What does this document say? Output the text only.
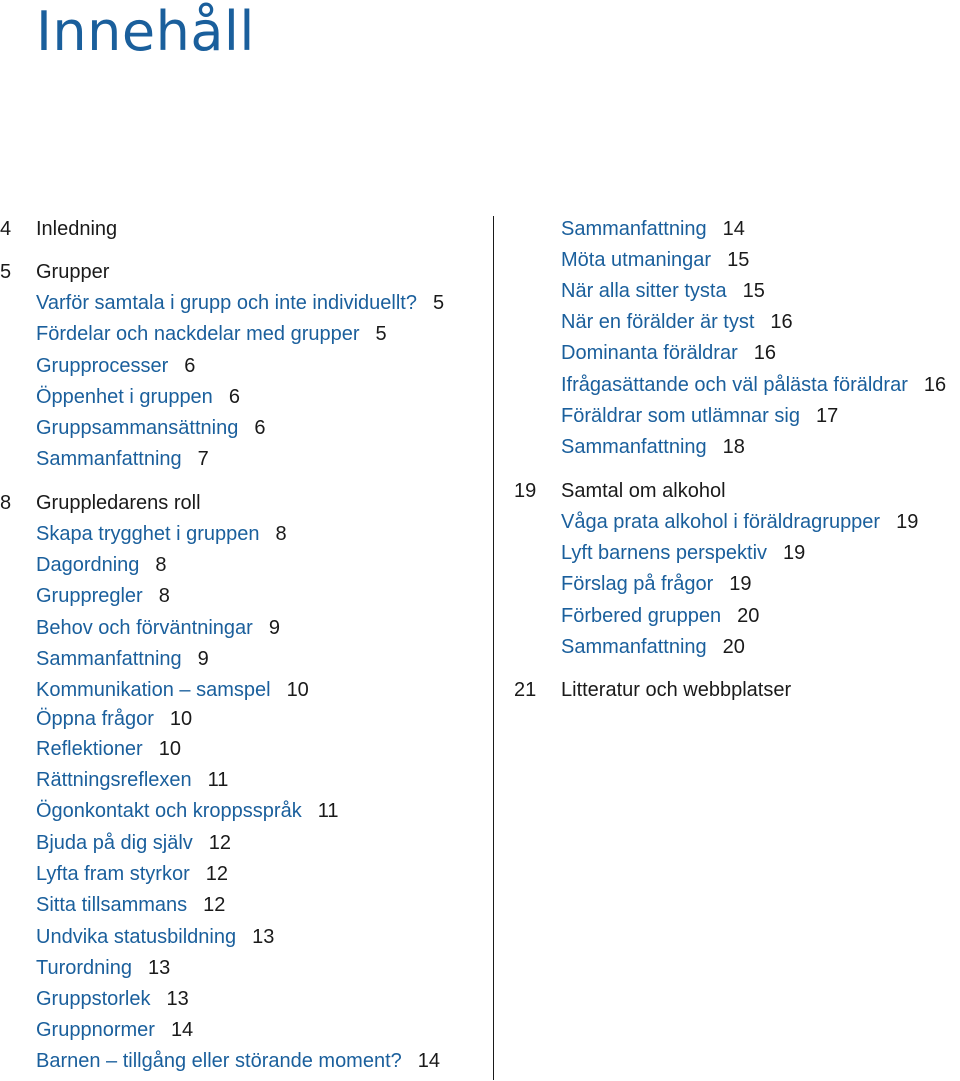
Innehåll
4 Inledning
5 Grupper
Varför samtala i grupp och inte individuellt? 5
Fördelar och nackdelar med grupper 5
Grupprocesser 6
Öppenhet i gruppen 6
Gruppsammansättning 6
Sammanfattning 7
8 Gruppledarens roll
Skapa trygghet i gruppen 8
Dagordning 8
Gruppregler 8
Behov och förväntningar 9
Sammanfattning 9
Kommunikation – samspel 10
Öppna frågor 10
Reflektioner 10
Rättningsreflexen 11
Ögonkontakt och kroppsspråk 11
Bjuda på dig själv 12
Lyfta fram styrkor 12
Sitta tillsammans 12
Undvika statusbildning 13
Turordning 13
Gruppstorlek 13
Gruppnormer 14
Barnen – tillgång eller störande moment? 14
Sammanfattning 14
Möta utmaningar 15
När alla sitter tysta 15
När en förälder är tyst 16
Dominanta föräldrar 16
Ifrågasättande och väl pålästa föräldrar 16
Föräldrar som utlämnar sig 17
Sammanfattning 18
19 Samtal om alkohol
Våga prata alkohol i föräldragrupper 19
Lyft barnens perspektiv 19
Förslag på frågor 19
Förbered gruppen 20
Sammanfattning 20
21 Litteratur och webbplatser
